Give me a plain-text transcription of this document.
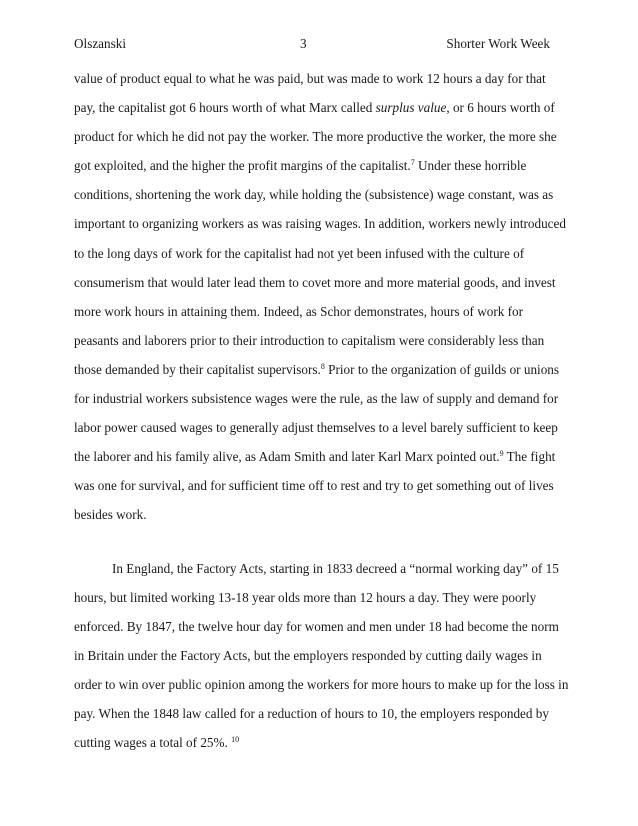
Olszanski	3	Shorter Work Week
value of product equal to what he was paid, but was made to work 12 hours a day for that
pay, the capitalist got 6 hours worth of what Marx called surplus value, or 6 hours worth of
product for which he did not pay the worker. The more productive the worker, the more she
got exploited, and the higher the profit margins of the capitalist.$^7$ Under these horrible
conditions, shortening the work day, while holding the (subsistence) wage constant, was as
important to organizing workers as was raising wages. In addition, workers newly introduced
to the long days of work for the capitalist had not yet been infused with the culture of
consumerism that would later lead them to covet more and more material goods, and invest
more work hours in attaining them. Indeed, as Schor demonstrates, hours of work for
peasants and laborers prior to their introduction to capitalism were considerably less than
those demanded by their capitalist supervisors.$^8$ Prior to the organization of guilds or unions
for industrial workers subsistence wages were the rule, as the law of supply and demand for
labor power caused wages to generally adjust themselves to a level barely sufficient to keep
the laborer and his family alive, as Adam Smith and later Karl Marx pointed out.$^9$ The fight
was one for survival, and for sufficient time off to rest and try to get something out of lives
besides work.
In England, the Factory Acts, starting in 1833 decreed a “normal working day” of 15
hours, but limited working 13-18 year olds more than 12 hours a day. They were poorly
enforced. By 1847, the twelve hour day for women and men under 18 had become the norm
in Britain under the Factory Acts, but the employers responded by cutting daily wages in
order to win over public opinion among the workers for more hours to make up for the loss in
pay. When the 1848 law called for a reduction of hours to 10, the employers responded by
cutting wages a total of 25%. $^{10}$
